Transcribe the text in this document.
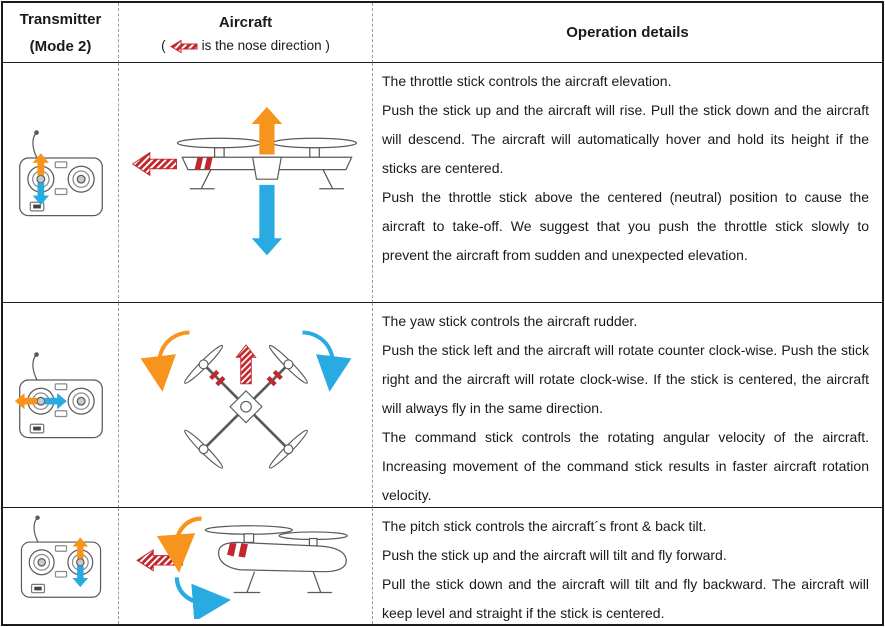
Transmitter
(Mode 2)
Aircraft
(	is the nose direction )
Operation details

The throttle stick controls the aircraft elevation.

Push the stick up and the aircraft will rise. Pull the stick down and the aircraft will descend. The aircraft will automatically hover and hold its height if the sticks are centered.

Push the throttle stick above the centered (neutral) position to cause the aircraft to take-off. We suggest that you push the throttle stick slowly to prevent the aircraft from sudden and unexpected elevation.

The yaw stick controls the aircraft rudder.

Push the stick left and the aircraft will rotate counter clock-wise. Push the stick right and the aircraft will rotate clock-wise. If the stick is centered, the aircraft will always fly in the same direction.

The command stick controls the rotating angular velocity of the aircraft. Increasing movement of the command stick results in faster aircraft rotation velocity.

The pitch stick controls the aircraft´s front & back tilt.

Push the stick up and the aircraft will tilt and fly forward.

Pull the stick down and the aircraft will tilt and fly backward. The aircraft will keep level and straight if the stick is centered.
